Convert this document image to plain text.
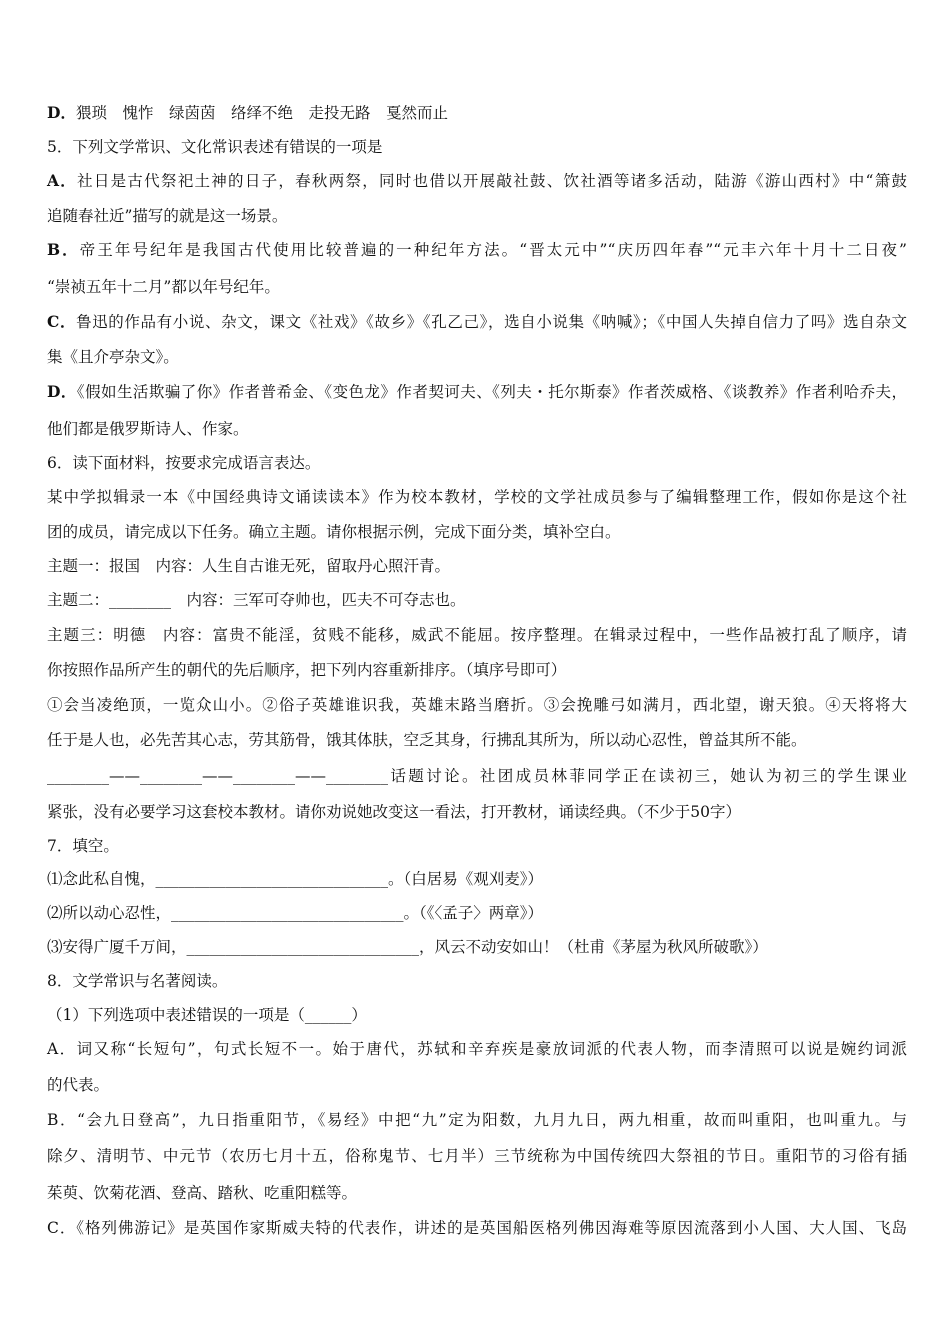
D．猥琐　愧怍　绿茵茵　络绎不绝　走投无路　戛然而止
5．下列文学常识、文化常识表述有错误的一项是
A．社日是古代祭祀土神的日子，春秋两祭，同时也借以开展敲社鼓、饮社酒等诸多活动，陆游《游山西村》中“箫鼓
追随春社近”描写的就是这一场景。
B．帝王年号纪年是我国古代使用比较普遍的一种纪年方法。“晋太元中”“庆历四年春”“元丰六年十月十二日夜”
“崇祯五年十二月”都以年号纪年。
C．鲁迅的作品有小说、杂文，课文《社戏》《故乡》《孔乙己》，选自小说集《呐喊》；《中国人失掉自信力了吗》选自杂文
集《且介亭杂文》。
D．《假如生活欺骗了你》作者普希金、《变色龙》作者契诃夫、《列夫・托尔斯泰》作者茨威格、《谈教养》作者利哈乔夫，
他们都是俄罗斯诗人、作家。
6．读下面材料，按要求完成语言表达。
某中学拟辑录一本《中国经典诗文诵读读本》作为校本教材，学校的文学社成员参与了编辑整理工作，假如你是这个社
团的成员，请完成以下任务。确立主题。请你根据示例，完成下面分类，填补空白。
主题一：报国　内容：人生自古谁无死，留取丹心照汗青。
主题二：________　内容：三军可夺帅也，匹夫不可夺志也。
主题三：明德　内容：富贵不能淫，贫贱不能移，威武不能屈。按序整理。在辑录过程中，一些作品被打乱了顺序，请
你按照作品所产生的朝代的先后顺序，把下列内容重新排序。（填序号即可）
①会当凌绝顶，一览众山小。②俗子英雄谁识我，英雄末路当磨折。③会挽雕弓如满月，西北望，谢天狼。④天将将大
任于是人也，必先苦其心志，劳其筋骨，饿其体肤，空乏其身，行拂乱其所为，所以动心忍性，曾益其所不能。
________——________——________——________话题讨论。社团成员林菲同学正在读初三，她认为初三的学生课业
紧张，没有必要学习这套校本教材。请你劝说她改变这一看法，打开教材，诵读经典。（不少于50字）
7．填空。
⑴念此私自愧，______________________________。（白居易《观刈麦》）
⑵所以动心忍性，______________________________。（《〈孟子〉两章》）
⑶安得广厦千万间，______________________________，风云不动安如山！（杜甫《茅屋为秋风所破歌》）
8．文学常识与名著阅读。
（1）下列选项中表述错误的一项是（______）
A．词又称“长短句”，句式长短不一。始于唐代，苏轼和辛弃疾是豪放词派的代表人物，而李清照可以说是婉约词派
的代表。
B．“会九日登高”，九日指重阳节，《易经》中把“九”定为阳数，九月九日，两九相重，故而叫重阳，也叫重九。与
除夕、清明节、中元节（农历七月十五，俗称鬼节、七月半）三节统称为中国传统四大祭祖的节日。重阳节的习俗有插
茱萸、饮菊花酒、登高、踏秋、吃重阳糕等。
C．《格列佛游记》是英国作家斯威夫特的代表作，讲述的是英国船医格列佛因海难等原因流落到小人国、大人国、飞岛
